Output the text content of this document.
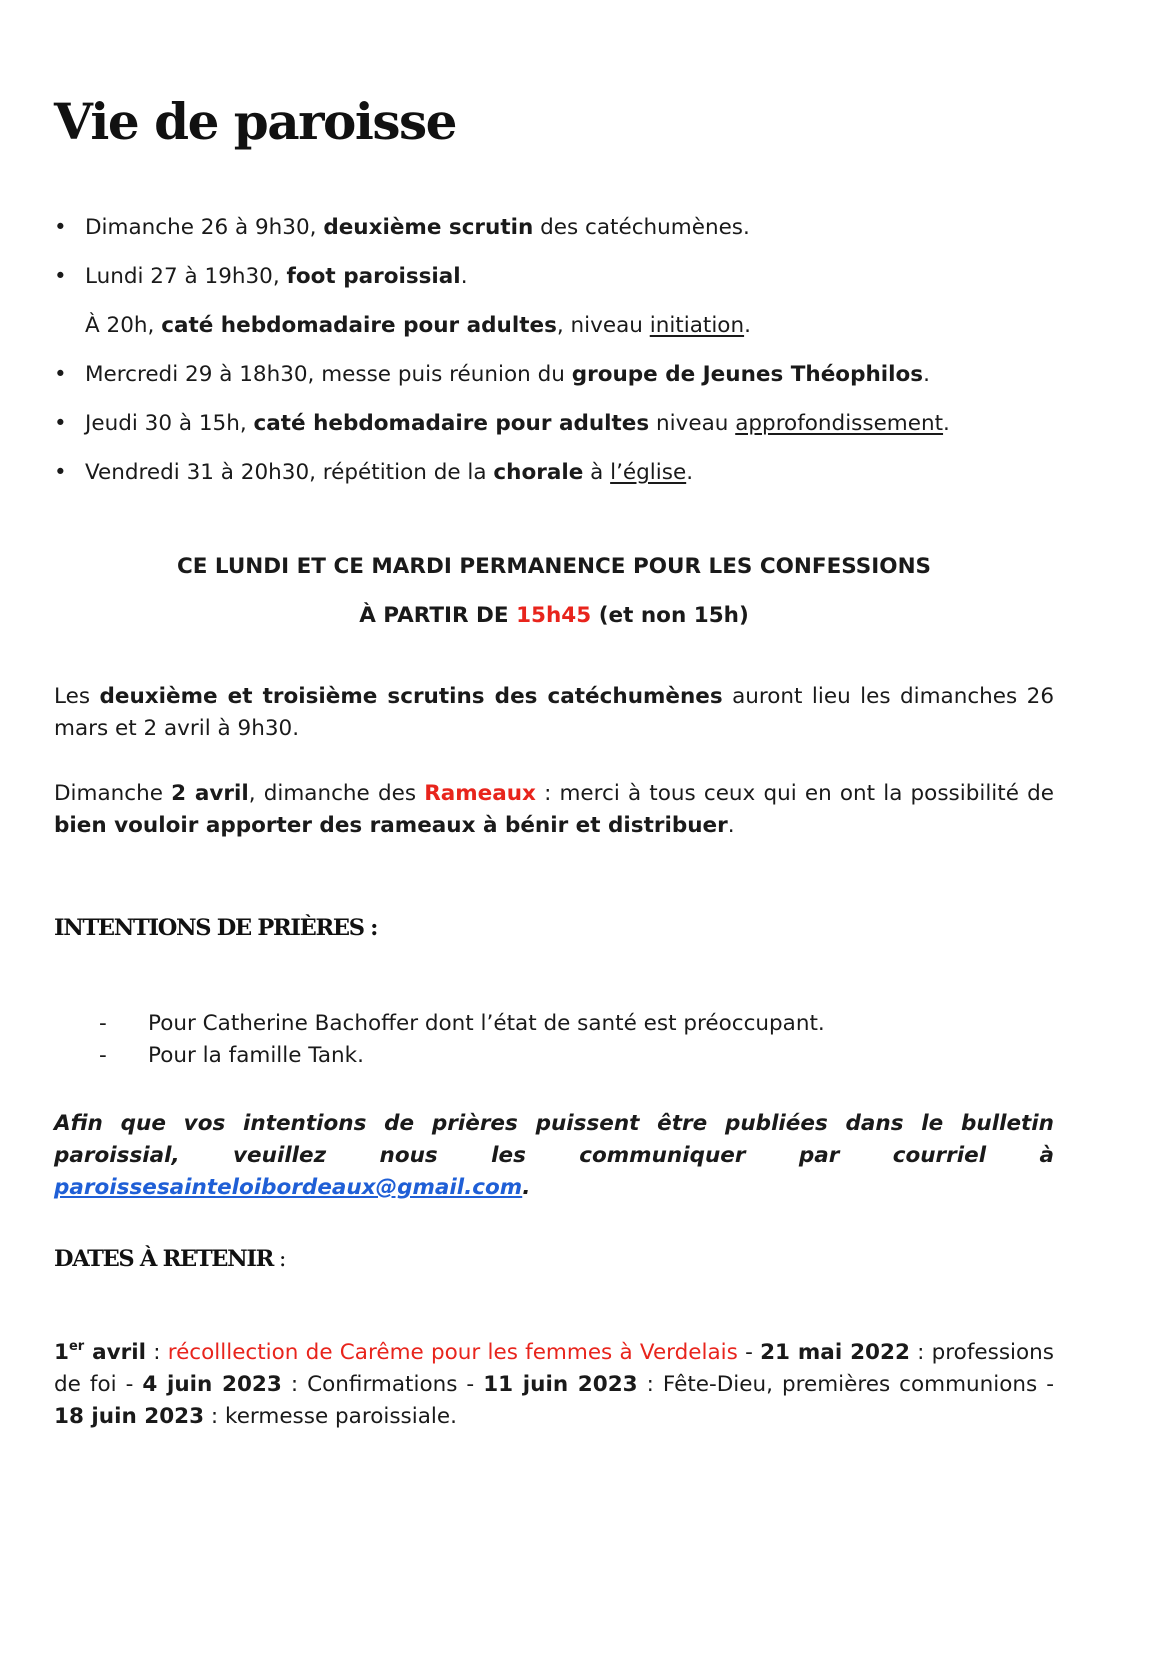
Vie de paroisse
• Dimanche 26 à 9h30, deuxième scrutin des catéchumènes.
• Lundi 27 à 19h30, foot paroissial.
À 20h, caté hebdomadaire pour adultes, niveau initiation.
• Mercredi 29 à 18h30, messe puis réunion du groupe de Jeunes Théophilos.
• Jeudi 30 à 15h, caté hebdomadaire pour adultes niveau approfondissement.
• Vendredi 31 à 20h30, répétition de la chorale à l’église.
CE LUNDI ET CE MARDI PERMANENCE POUR LES CONFESSIONS
À PARTIR DE 15h45 (et non 15h)

Les deuxième et troisième scrutins des catéchumènes auront lieu les dimanches 26 mars et 2 avril à 9h30.

Dimanche 2 avril, dimanche des Rameaux : merci à tous ceux qui en ont la possibilité de bien vouloir apporter des rameaux à bénir et distribuer.

INTENTIONS DE PRIÈRES :
- Pour Catherine Bachoffer dont l’état de santé est préoccupant.
- Pour la famille Tank.

Afin que vos intentions de prières puissent être publiées dans le bulletin paroissial, veuillez nous les communiquer par courriel à paroissesainteloibordeaux@gmail.com.

DATES À RETENIR :

1er avril : récolllection de Carême pour les femmes à Verdelais - 21 mai 2022 : professions de foi - 4 juin 2023 : Confirmations - 11 juin 2023 : Fête-Dieu, premières communions - 18 juin 2023 : kermesse paroissiale.
